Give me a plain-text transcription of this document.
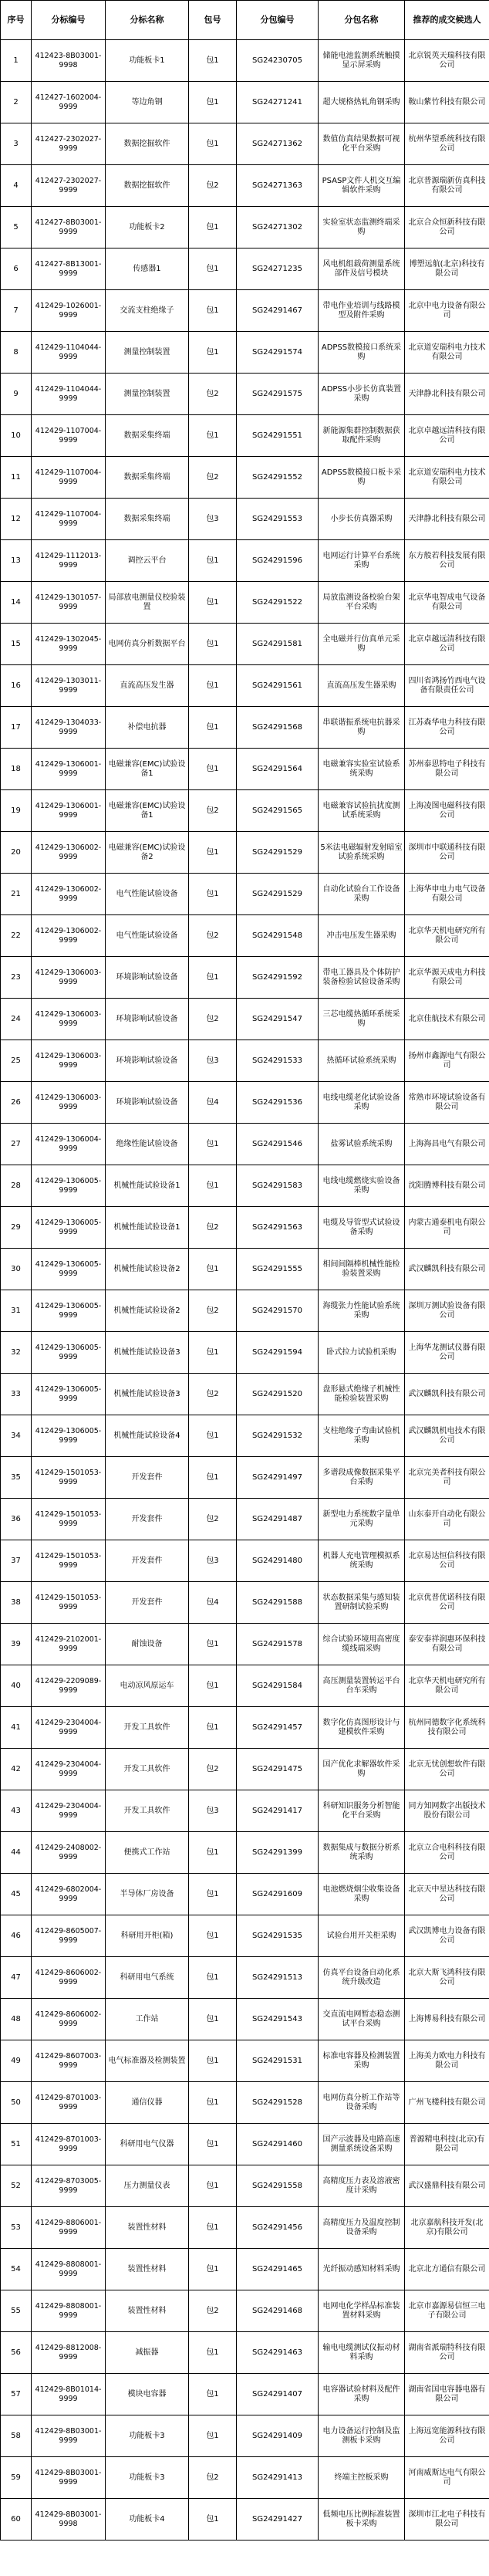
序号	分标编号	分标名称	包号	分包编号	分包名称	推荐的成交候选人
1	412423-8B03001-9998	功能板卡1	包1	SG24230705	储能电池监测系统触摸显示屏采购	北京锐英天瑞科技有限公司
2	412427-1602004-9999	等边角钢	包1	SG24271241	超大规格热轧角钢采购	鞍山紫竹科技有限公司
3	412427-2302027-9999	数据挖掘软件	包1	SG24271362	数值仿真结果数据可视化平台采购	杭州华望系统科技有限公司
4	412427-2302027-9999	数据挖掘软件	包2	SG24271363	PSASP文件人机交互编辑软件采购	北京普源瑞新仿真科技有限公司
5	412427-8B03001-9999	功能板卡2	包1	SG24271302	实验室状态监测终端采购	北京合众恒新科技有限公司
6	412427-8B13001-9999	传感器1	包1	SG24271235	风电机组载荷测量系统部件及信号模块	博塑远航(北京)科技有限公司
7	412429-1026001-9999	交流支柱绝缘子	包1	SG24291467	带电作业培训与线路模型及附件采购	北京中电力设备有限公司
8	412429-1104044-9999	测量控制装置	包1	SG24291574	ADPSS数模接口系统采购	北京道安瑞科电力技术有限公司
9	412429-1104044-9999	测量控制装置	包2	SG24291575	ADPSS小步长仿真装置采购	天津静北科技有限公司
10	412429-1107004-9999	数据采集终端	包1	SG24291551	新能源集群控制数据获取配件采购	北京卓越远清科技有限公司
11	412429-1107004-9999	数据采集终端	包2	SG24291552	ADPSS数模接口板卡采购	北京道安瑞科电力技术有限公司
12	412429-1107004-9999	数据采集终端	包3	SG24291553	小步长仿真器采购	天津静北科技有限公司
13	412429-1112013-9999	调控云平台	包1	SG24291596	电网运行计算平台系统采购	东方般若科技发展有限公司
14	412429-1301057-9999	局部放电测量仪校验装置	包1	SG24291522	局放监测设备校验台架平台采购	北京华电智成电气设备有限公司
15	412429-1302045-9999	电网仿真分析数据平台	包1	SG24291581	全电磁并行仿真单元采购	北京卓越远清科技有限公司
16	412429-1303011-9999	直流高压发生器	包1	SG24291561	直流高压发生器采购	四川省鸿扬竹西电气设备有限责任公司
17	412429-1304033-9999	补偿电抗器	包1	SG24291568	串联谐振系统电抗器采购	江苏森华电力科技有限公司
18	412429-1306001-9999	电磁兼容(EMC)试验设备1	包1	SG24291564	电磁兼容实验室试验系统采购	苏州泰思特电子科技有限公司
19	412429-1306001-9999	电磁兼容(EMC)试验设备1	包2	SG24291565	电磁兼容试验抗扰度测试系统采购	上海凌图电磁科技有限公司
20	412429-1306002-9999	电磁兼容(EMC)试验设备2	包1	SG24291529	5米法电磁辐射发射暗室试验系统采购	深圳市中联通科技有限公司
21	412429-1306002-9999	电气性能试验设备	包1	SG24291529	自动化试验台工作设备采购	上海华申电力电气设备有限公司
22	412429-1306002-9999	电气性能试验设备	包2	SG24291548	冲击电压发生器采购	北京华天机电研究所有限公司
23	412429-1306003-9999	环境影响试验设备	包1	SG24291592	带电工器具及个体防护装备检验试验设备采购	北京华源天成电力科技有限公司
24	412429-1306003-9999	环境影响试验设备	包2	SG24291547	三芯电缆热循环系统采购	北京佳航技术有限公司
25	412429-1306003-9999	环境影响试验设备	包3	SG24291533	热循环试验系统采购	扬州市鑫源电气有限公司
26	412429-1306003-9999	环境影响试验设备	包4	SG24291536	电线电缆老化试验设备采购	常熟市环境试验设备有限公司
27	412429-1306004-9999	绝缘性能试验设备	包1	SG24291546	盐雾试验系统采购	上海海昌电气有限公司
28	412429-1306005-9999	机械性能试验设备1	包1	SG24291583	电线电缆燃烧实验设备采购	沈阳腾博科技有限公司
29	412429-1306005-9999	机械性能试验设备1	包2	SG24291563	电缆及导管型式试验设备采购	内蒙古通泰机电有限公司
30	412429-1306005-9999	机械性能试验设备2	包1	SG24291555	相间间隔棒机械性能检验装置采购	武汉麟凯科技有限公司
31	412429-1306005-9999	机械性能试验设备2	包2	SG24291570	海缆张力性能试验系统采购	深圳万测试验设备有限公司
32	412429-1306005-9999	机械性能试验设备3	包1	SG24291594	卧式拉力试验机采购	上海华龙测试仪器有限公司
33	412429-1306005-9999	机械性能试验设备3	包2	SG24291520	盘形悬式绝缘子机械性能检验装置采购	武汉麟凯科技有限公司
34	412429-1306005-9999	机械性能试验设备4	包1	SG24291532	支柱绝缘子弯曲试验机采购	武汉麟凯机电技术有限公司
35	412429-1501053-9999	开发套件	包1	SG24291497	多谱段成像数据采集平台采购	北京完美者科技有限公司
36	412429-1501053-9999	开发套件	包2	SG24291487	新型电力系统数字量单元采购	山东泰开自动化有限公司
37	412429-1501053-9999	开发套件	包3	SG24291480	机器人充电管理模拟系统采购	北京易达恒信科技有限公司
38	412429-1501053-9999	开发套件	包4	SG24291588	状态数据采集与感知装置研制试验采购	北京优普优诺科技有限公司
39	412429-2102001-9999	耐蚀设备	包1	SG24291578	综合试验环境用高密度缆线端采购	泰安泰祥润惠环保科技有限公司
40	412429-2209089-9999	电动凉风原运车	包1	SG24291584	高压测量装置转运平台台车采购	北京华天机电研究所有限公司
41	412429-2304004-9999	开发工具软件	包1	SG24291457	数字化仿真图形设计与建模软件采购	杭州同德数字化系统科技有限公司
42	412429-2304004-9999	开发工具软件	包2	SG24291475	国产优化求解器软件采购	北京无忧创想软件有限公司
43	412429-2304004-9999	开发工具软件	包3	SG24291417	科研知识服务分析智能化平台采购	同方知网数字出版技术股份有限公司
44	412429-2408002-9999	便携式工作站	包1	SG24291399	数据集成与数据分析系统采购	北京立合电科科技有限公司
45	412429-6802004-9999	半导体厂房设备	包1	SG24291609	电池燃烧烟尘收集设备采购	北京天中星达科技有限公司
46	412429-8605007-9999	科研用开柜(箱)	包1	SG24291535	试验台用开关柜采购	武汉凯博电力设备有限公司
47	412429-8606002-9999	科研用电气系统	包1	SG24291513	仿真平台设备自动化系统升级改造	北京大斯飞鸿科技有限公司
48	412429-8606002-9999	工作站	包1	SG24291543	交直流电网暂态稳态测试平台采购	上海博易科技有限公司
49	412429-8607003-9999	电气标准器及检测装置	包1	SG24291531	标准电容器及检测装置采购	上海美力欧电力科技有限公司
50	412429-8701003-9999	通信仪器	包1	SG24291528	电网仿真分析工作站等设备采购	广州飞楼科技有限公司
51	412429-8701003-9999	科研用电气仪器	包1	SG24291460	国产示波器及电路高速测量系统设备采购	普源精电科技(北京)有限公司
52	412429-8703005-9999	压力测量仪表	包1	SG24291558	高精度压力表及溶液密度计采购	武汉盛鼎科技有限公司
53	412429-8806001-9999	装置性材料	包1	SG24291456	高精度压力及温度控制设备采购	北京嘉航科技开发(北京)有限公司
54	412429-8808001-9999	装置性材料	包1	SG24291465	光纤振动感知材料采购	北京北方通信有限公司
55	412429-8808001-9999	装置性材料	包2	SG24291468	电网电化学样品标准装置材料采购	北京市嘉源易信恒三电子有限公司
56	412429-8812008-9999	减振器	包1	SG24291463	输电电缆测试仪振动材料采购	湖南省派瑞特科技有限公司
57	412429-8B01014-9999	模块电容器	包1	SG24291407	电容器试验材料及配件采购	湖南省国电容器电器有限公司
58	412429-8B03001-9999	功能板卡3	包1	SG24291409	电力设备运行控制及监测板卡采购	上海远宽能源科技有限公司
59	412429-8B03001-9999	功能板卡3	包2	SG24291413	终端主控板采购	河南威斯达电气有限公司
60	412429-8B03001-9998	功能板卡4	包1	SG24291427	低频电压比例标准装置板卡采购	深圳市江北电子科技有限公司
